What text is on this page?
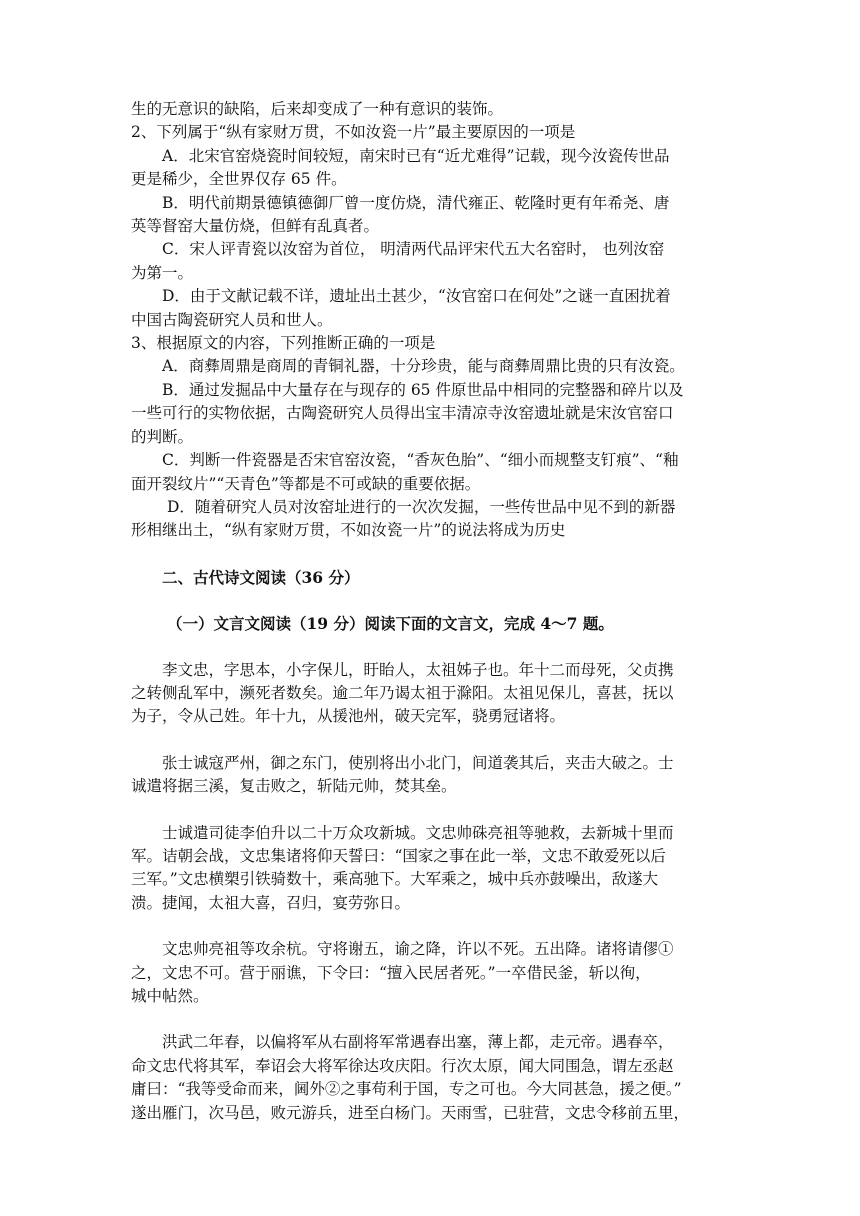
生的无意识的缺陷，后来却变成了一种有意识的装饰。
2、下列属于“纵有家财万贯，不如汝瓷一片”最主要原因的一项是
A．北宋官窑烧瓷时间较短，南宋时已有“近尤难得”记载，现今汝瓷传世品
更是稀少，全世界仅存 65 件。
B．明代前期景德镇德御厂曾一度仿烧，清代雍正、乾隆时更有年希尧、唐
英等督窑大量仿烧，但鲜有乱真者。
C．宋人评青瓷以汝窑为首位， 明清两代品评宋代五大名窑时， 也列汝窑
为第一。
D．由于文献记载不详，遗址出土甚少，“汝官窑口在何处”之谜一直困扰着
中国古陶瓷研究人员和世人。
3、根据原文的内容，下列推断正确的一项是
A．商彝周鼎是商周的青铜礼器，十分珍贵，能与商彝周鼎比贵的只有汝瓷。
B．通过发掘品中大量存在与现存的 65 件原世品中相同的完整器和碎片以及
一些可行的实物依据，古陶瓷研究人员得出宝丰清凉寺汝窑遗址就是宋汝官窑口
的判断。
C．判断一件瓷器是否宋官窑汝瓷，“香灰色胎”、“细小而规整支钉痕”、“釉
面开裂纹片”“天青色”等都是不可或缺的重要依据。
D．随着研究人员对汝窑址进行的一次次发掘，一些传世品中见不到的新器
形相继出土，“纵有家财万贯，不如汝瓷一片”的说法将成为历史
二、古代诗文阅读（36 分）
（一）文言文阅读（19 分）阅读下面的文言文，完成 4～7 题。
李文忠，字思本，小字保儿，盱眙人，太祖姊子也。年十二而母死，父贞携
之转侧乱军中，濒死者数矣。逾二年乃谒太祖于滁阳。太祖见保儿，喜甚，抚以
为子，令从己姓。年十九，从援池州，破天完军，骁勇冠诸将。
张士诚寇严州，御之东门，使别将出小北门，间道袭其后，夹击大破之。士
诚遣将据三溪，复击败之，斩陆元帅，焚其垒。
士诚遣司徒李伯升以二十万众攻新城。文忠帅硃亮祖等驰救，去新城十里而
军。诘朝会战，文忠集诸将仰天誓曰：“国家之事在此一举，文忠不敢爱死以后
三军。”文忠横槊引铁骑数十，乘高驰下。大军乘之，城中兵亦鼓噪出，敌遂大
溃。捷闻，太祖大喜，召归，宴劳弥日。
文忠帅亮祖等攻余杭。守将谢五，谕之降，许以不死。五出降。诸将请僇①
之，文忠不可。营于丽谯，下令曰：“擅入民居者死。”一卒借民釜，斩以徇，
城中帖然。
洪武二年春，以偏将军从右副将军常遇春出塞，薄上都，走元帝。遇春卒，
命文忠代将其军，奉诏会大将军徐达攻庆阳。行次太原，闻大同围急，谓左丞赵
庸曰：“我等受命而来，阃外②之事苟利于国，专之可也。今大同甚急，援之便。”
遂出雁门，次马邑，败元游兵，进至白杨门。天雨雪，已驻营，文忠令移前五里，
